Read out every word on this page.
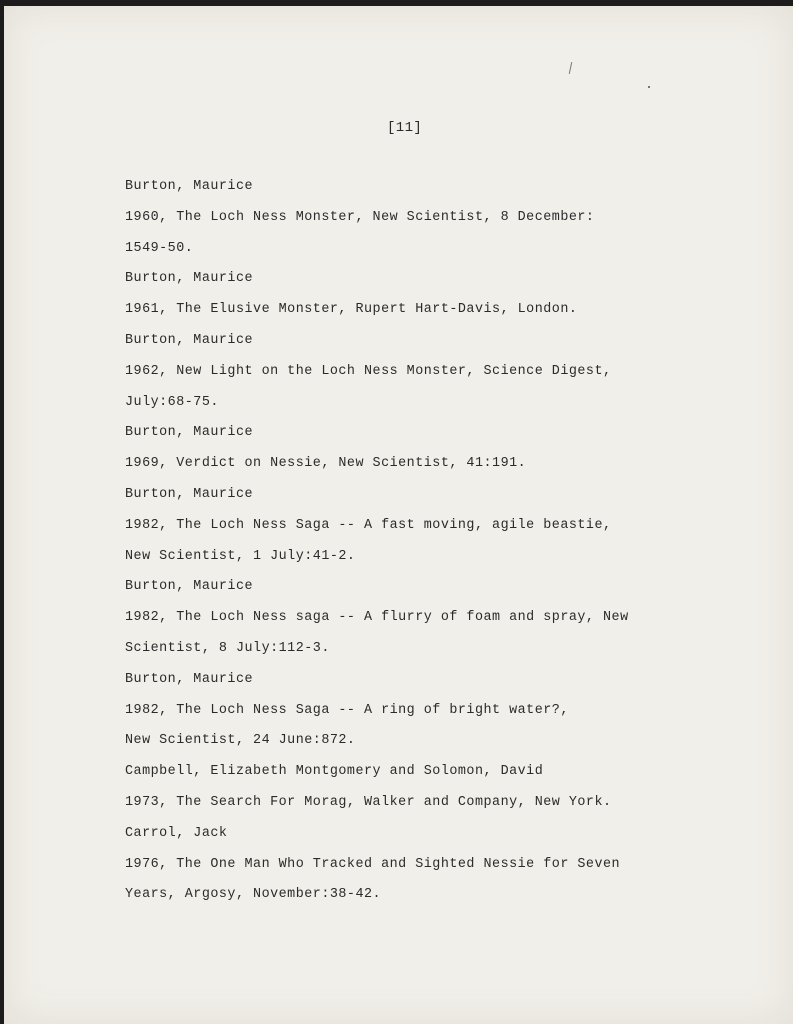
[11]
Burton, Maurice
1960, The Loch Ness Monster, New Scientist, 8 December:
1549-50.
Burton, Maurice
1961, The Elusive Monster, Rupert Hart-Davis, London.
Burton, Maurice
1962, New Light on the Loch Ness Monster, Science Digest,
July:68-75.
Burton, Maurice
1969, Verdict on Nessie, New Scientist, 41:191.
Burton, Maurice
1982, The Loch Ness Saga -- A fast moving, agile beastie,
New Scientist, 1 July:41-2.
Burton, Maurice
1982, The Loch Ness saga -- A flurry of foam and spray, New
Scientist, 8 July:112-3.
Burton, Maurice
1982, The Loch Ness Saga -- A ring of bright water?,
New Scientist, 24 June:872.
Campbell, Elizabeth Montgomery and Solomon, David
1973, The Search For Morag, Walker and Company, New York.
Carrol, Jack
1976, The One Man Who Tracked and Sighted Nessie for Seven
Years, Argosy, November:38-42.
